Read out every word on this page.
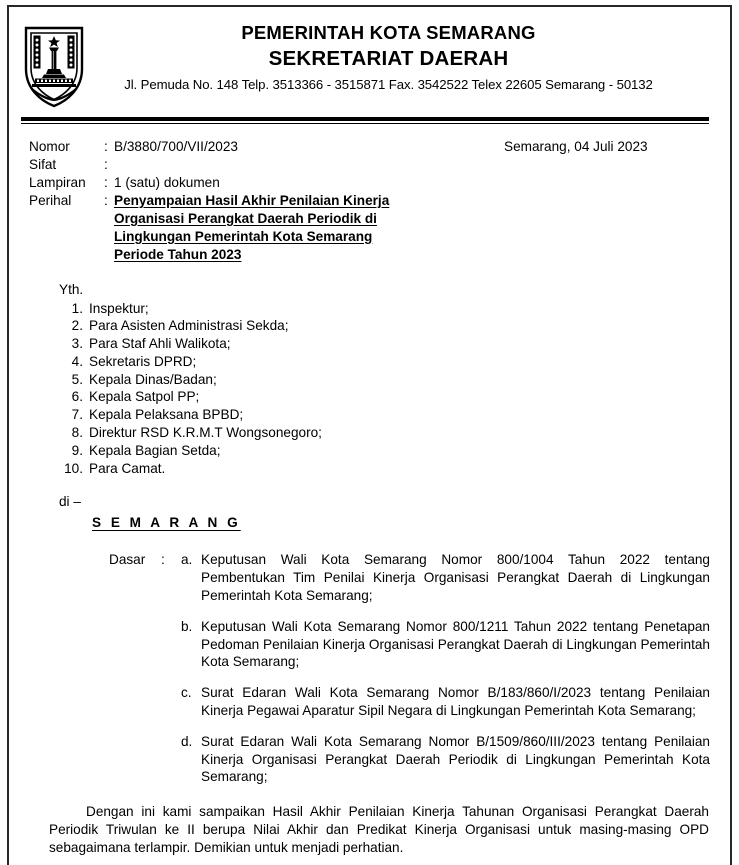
PEMERINTAH KOTA SEMARANG
SEKRETARIAT DAERAH
Jl. Pemuda No. 148 Telp. 3513366 - 3515871 Fax. 3542522 Telex 22605 Semarang - 50132
Nomor	:	B/3880/700/VII/2023
Sifat	:	
Lampiran	:	1 (satu) dokumen
Perihal	:	Penyampaian Hasil Akhir Penilaian Kinerja
Organisasi Perangkat Daerah Periodik di
Lingkungan Pemerintah Kota Semarang
Periode Tahun 2023
Semarang, 04 Juli 2023
Yth.
1. Inspektur;
2. Para Asisten Administrasi Sekda;
3. Para Staf Ahli Walikota;
4. Sekretaris DPRD;
5. Kepala Dinas/Badan;
6. Kepala Satpol PP;
7. Kepala Pelaksana BPBD;
8. Direktur RSD K.R.M.T Wongsonegoro;
9. Kepala Bagian Setda;
10. Para Camat.
di –
S E M A R A N G
Dasar : a. Keputusan Wali Kota Semarang Nomor 800/1004 Tahun 2022 tentang Pembentukan Tim Penilai Kinerja Organisasi Perangkat Daerah di Lingkungan Pemerintah Kota Semarang;
b. Keputusan Wali Kota Semarang Nomor 800/1211 Tahun 2022 tentang Penetapan Pedoman Penilaian Kinerja Organisasi Perangkat Daerah di Lingkungan Pemerintah Kota Semarang;
c. Surat Edaran Wali Kota Semarang Nomor B/183/860/I/2023 tentang Penilaian Kinerja Pegawai Aparatur Sipil Negara di Lingkungan Pemerintah Kota Semarang;
d. Surat Edaran Wali Kota Semarang Nomor B/1509/860/III/2023 tentang Penilaian Kinerja Organisasi Perangkat Daerah Periodik di Lingkungan Pemerintah Kota Semarang;
Dengan ini kami sampaikan Hasil Akhir Penilaian Kinerja Tahunan Organisasi Perangkat Daerah Periodik Triwulan ke II berupa Nilai Akhir dan Predikat Kinerja Organisasi untuk masing-masing OPD sebagaimana terlampir. Demikian untuk menjadi perhatian.
